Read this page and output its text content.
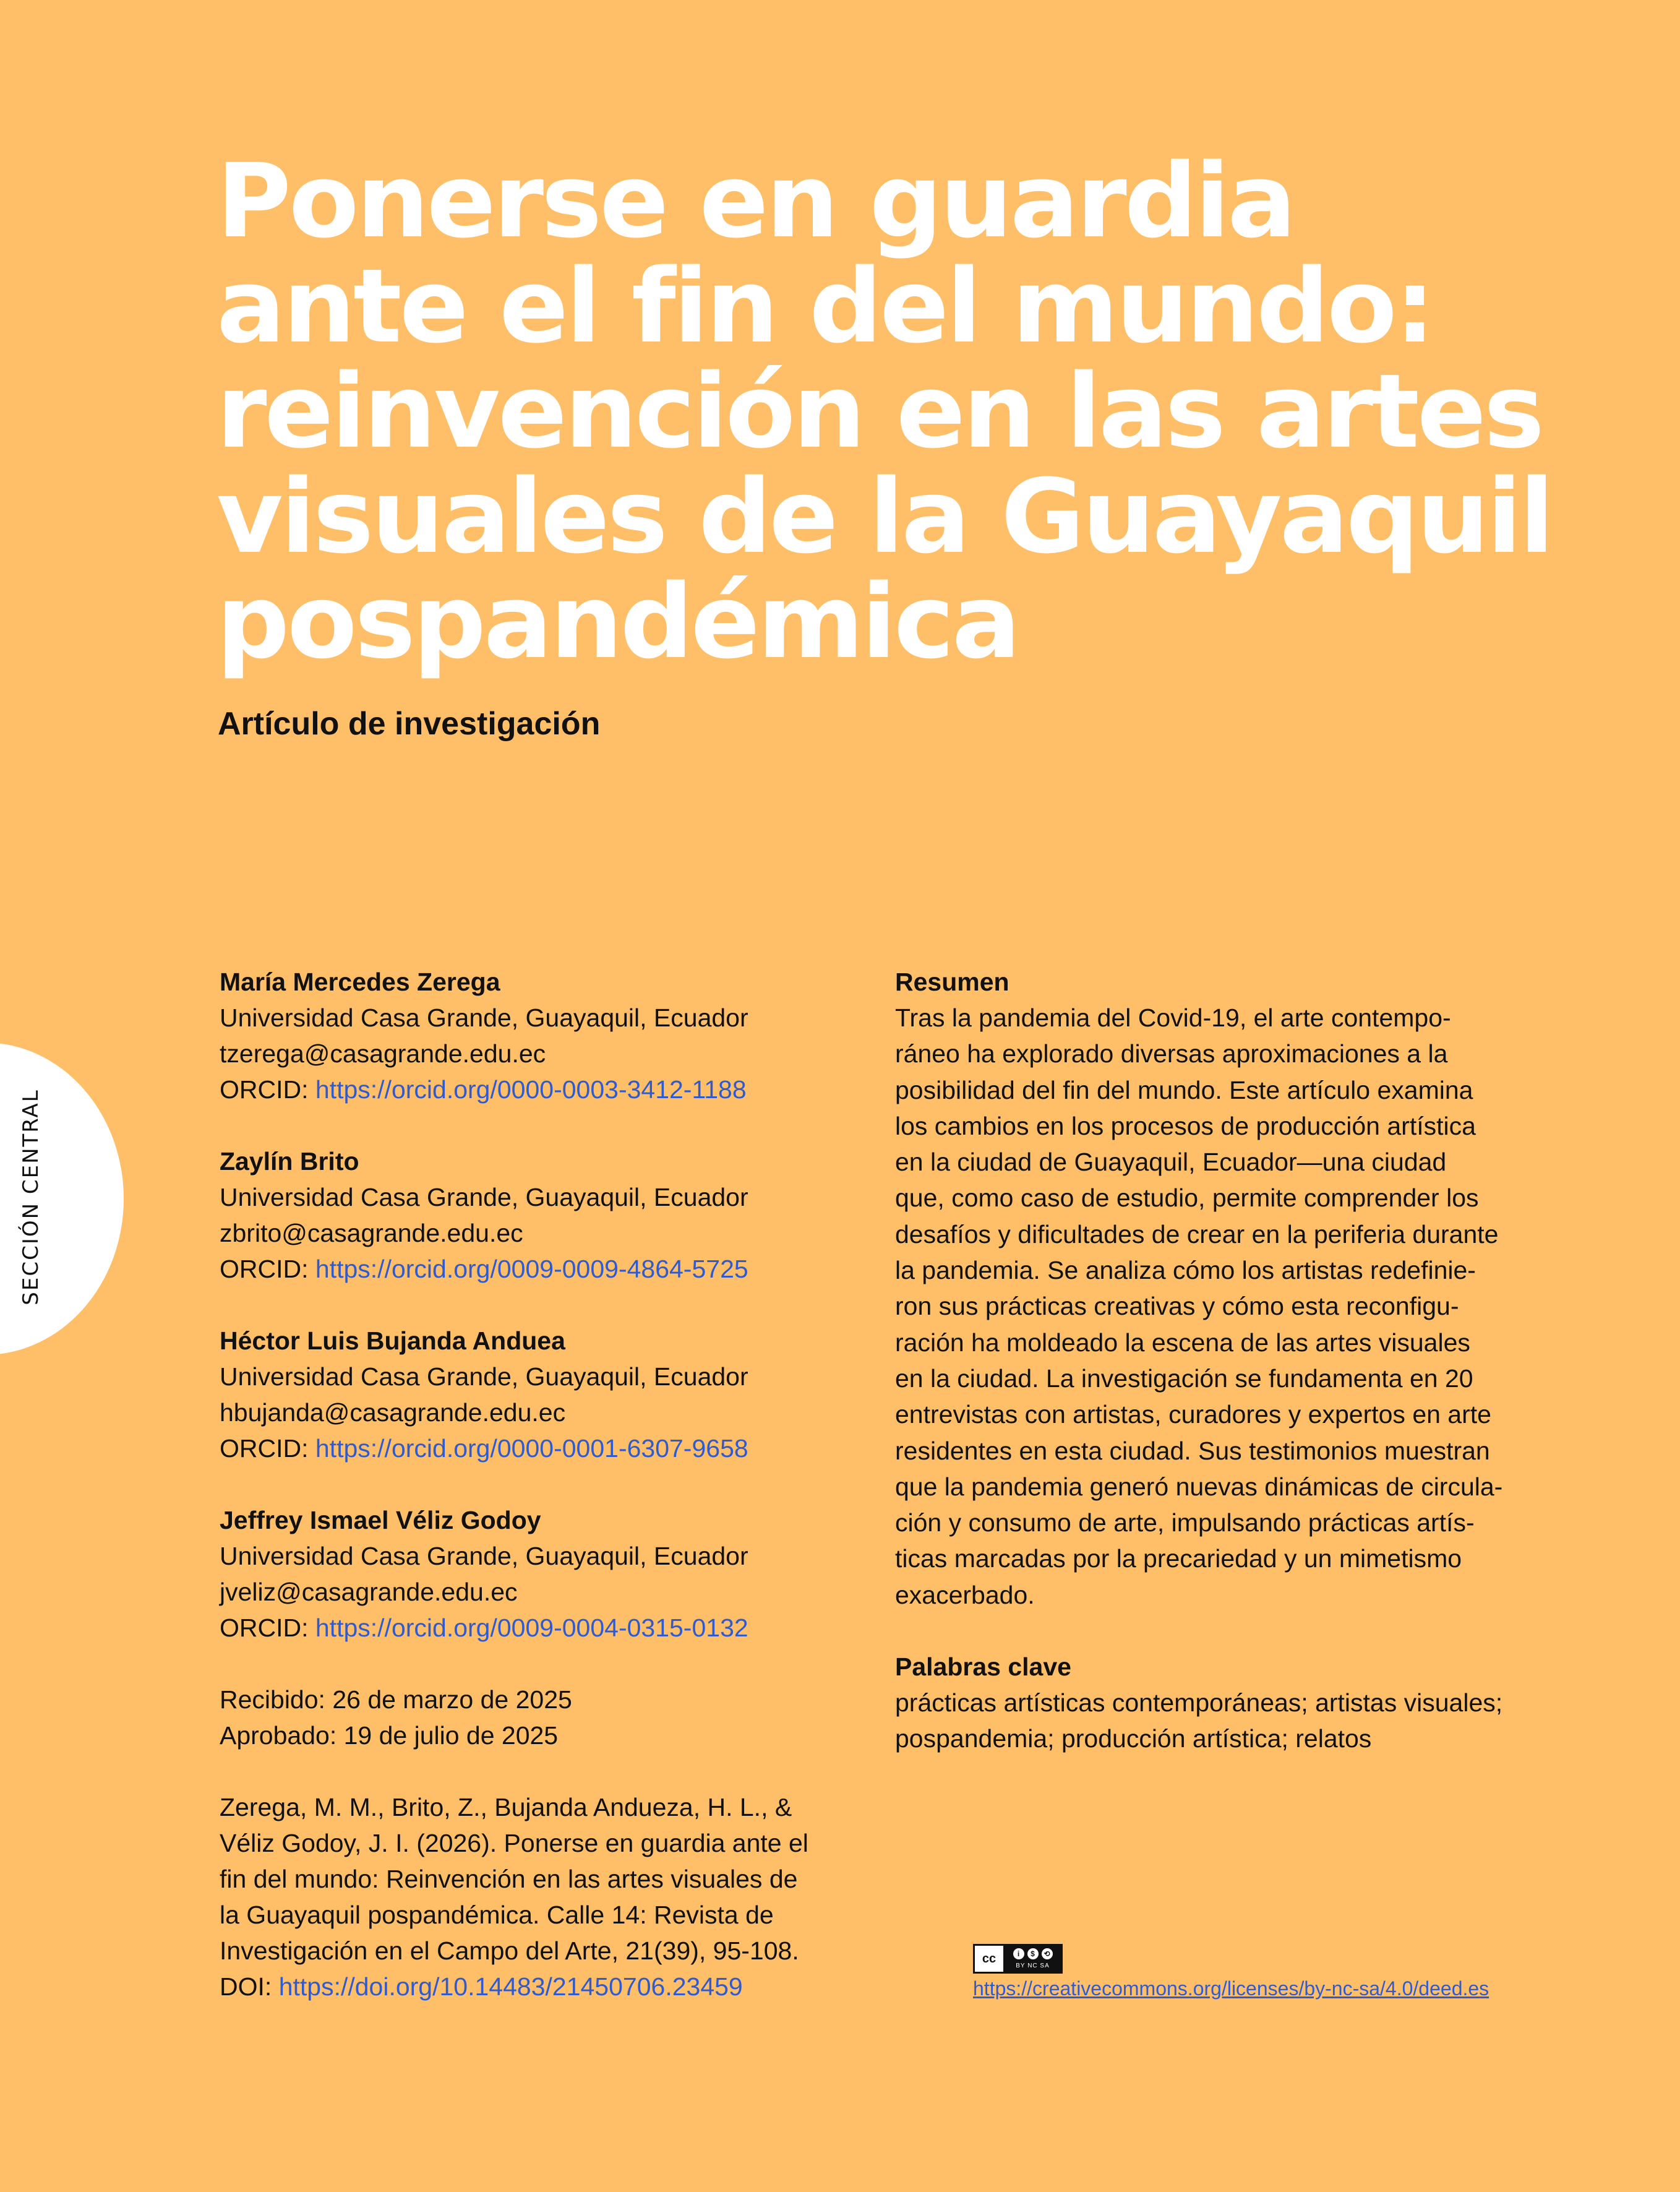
SECCIÓN CENTRAL
Ponerse en guardia
ante el fin del mundo:
reinvención en las artes
visuales de la Guayaquil
pospandémica
Artículo de investigación
María Mercedes Zerega
Universidad Casa Grande, Guayaquil, Ecuador
tzerega@casagrande.edu.ec
ORCID: https://orcid.org/0000-0003-3412-1188
Zaylín Brito
Universidad Casa Grande, Guayaquil, Ecuador
zbrito@casagrande.edu.ec
ORCID: https://orcid.org/0009-0009-4864-5725
Héctor Luis Bujanda Anduea
Universidad Casa Grande, Guayaquil, Ecuador
hbujanda@casagrande.edu.ec
ORCID: https://orcid.org/0000-0001-6307-9658
Jeffrey Ismael Véliz Godoy
Universidad Casa Grande, Guayaquil, Ecuador
jveliz@casagrande.edu.ec
ORCID: https://orcid.org/0009-0004-0315-0132
Recibido: 26 de marzo de 2025
Aprobado: 19 de julio de 2025
Zerega, M. M., Brito, Z., Bujanda Andueza, H. L., &
Véliz Godoy, J. I. (2026). Ponerse en guardia ante el
fin del mundo: Reinvención en las artes visuales de
la Guayaquil pospandémica. Calle 14: Revista de
Investigación en el Campo del Arte, 21(39), 95-108.
DOI: https://doi.org/10.14483/21450706.23459
Resumen
Tras la pandemia del Covid-19, el arte contempo-
ráneo ha explorado diversas aproximaciones a la
posibilidad del fin del mundo. Este artículo examina
los cambios en los procesos de producción artística
en la ciudad de Guayaquil, Ecuador—una ciudad
que, como caso de estudio, permite comprender los
desafíos y dificultades de crear en la periferia durante
la pandemia. Se analiza cómo los artistas redefinie-
ron sus prácticas creativas y cómo esta reconfigu-
ración ha moldeado la escena de las artes visuales
en la ciudad. La investigación se fundamenta en 20
entrevistas con artistas, curadores y expertos en arte
residentes en esta ciudad. Sus testimonios muestran
que la pandemia generó nuevas dinámicas de circula-
ción y consumo de arte, impulsando prácticas artís-
ticas marcadas por la precariedad y un mimetismo
exacerbado.
Palabras clave
prácticas artísticas contemporáneas; artistas visuales;
pospandemia; producción artística; relatos
cc	i	$	⟲
BY NC SA
https://creativecommons.org/licenses/by-nc-sa/4.0/deed.es
